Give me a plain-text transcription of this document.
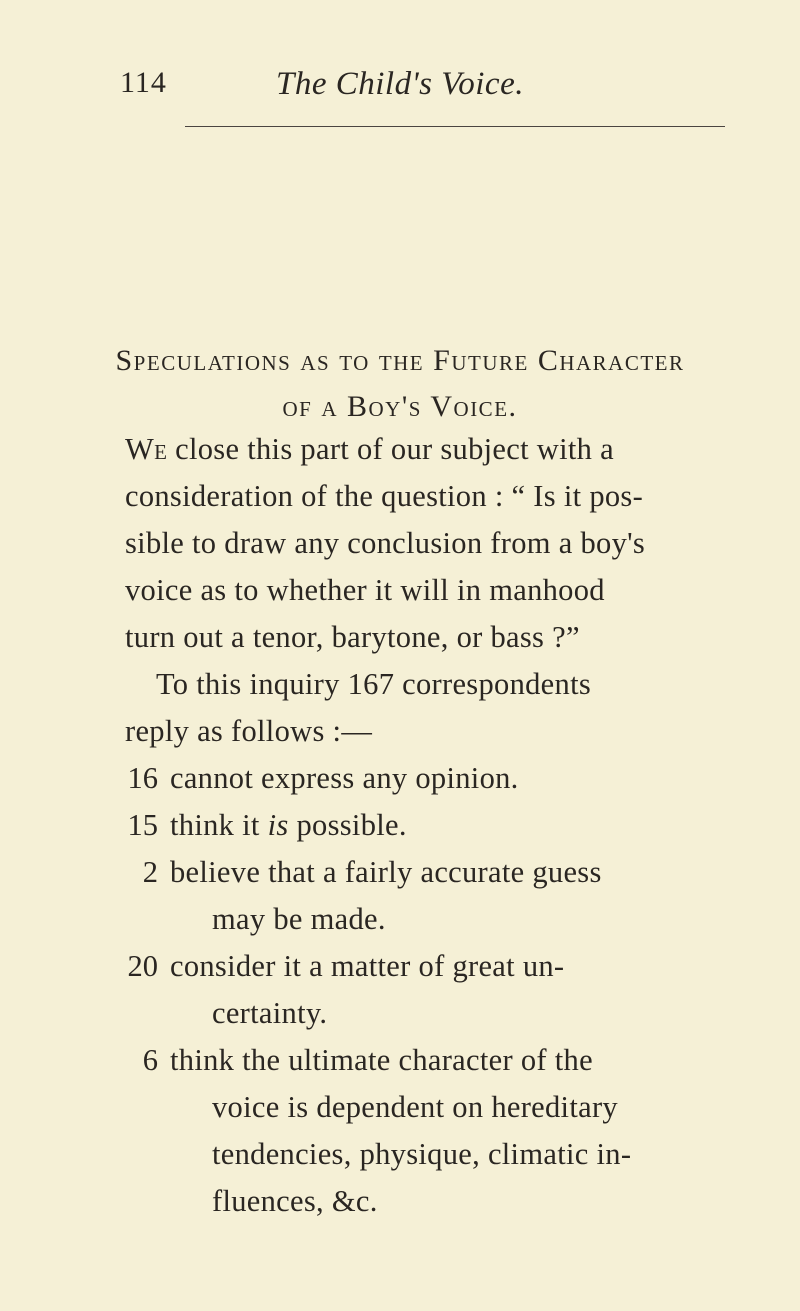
114	The Child's Voice.
Speculations as to the Future Character
of a Boy's Voice.
We close this part of our subject with a
consideration of the question : “ Is it pos-
sible to draw any conclusion from a boy's
voice as to whether it will in manhood
turn out a tenor, barytone, or bass ?”
To this inquiry 167 correspondents
reply as follows :—
16 cannot express any opinion.
15 think it is possible.
2 believe that a fairly accurate guess
may be made.
20 consider it a matter of great un-
certainty.
6 think the ultimate character of the
voice is dependent on hereditary
tendencies, physique, climatic in-
fluences, &c.
